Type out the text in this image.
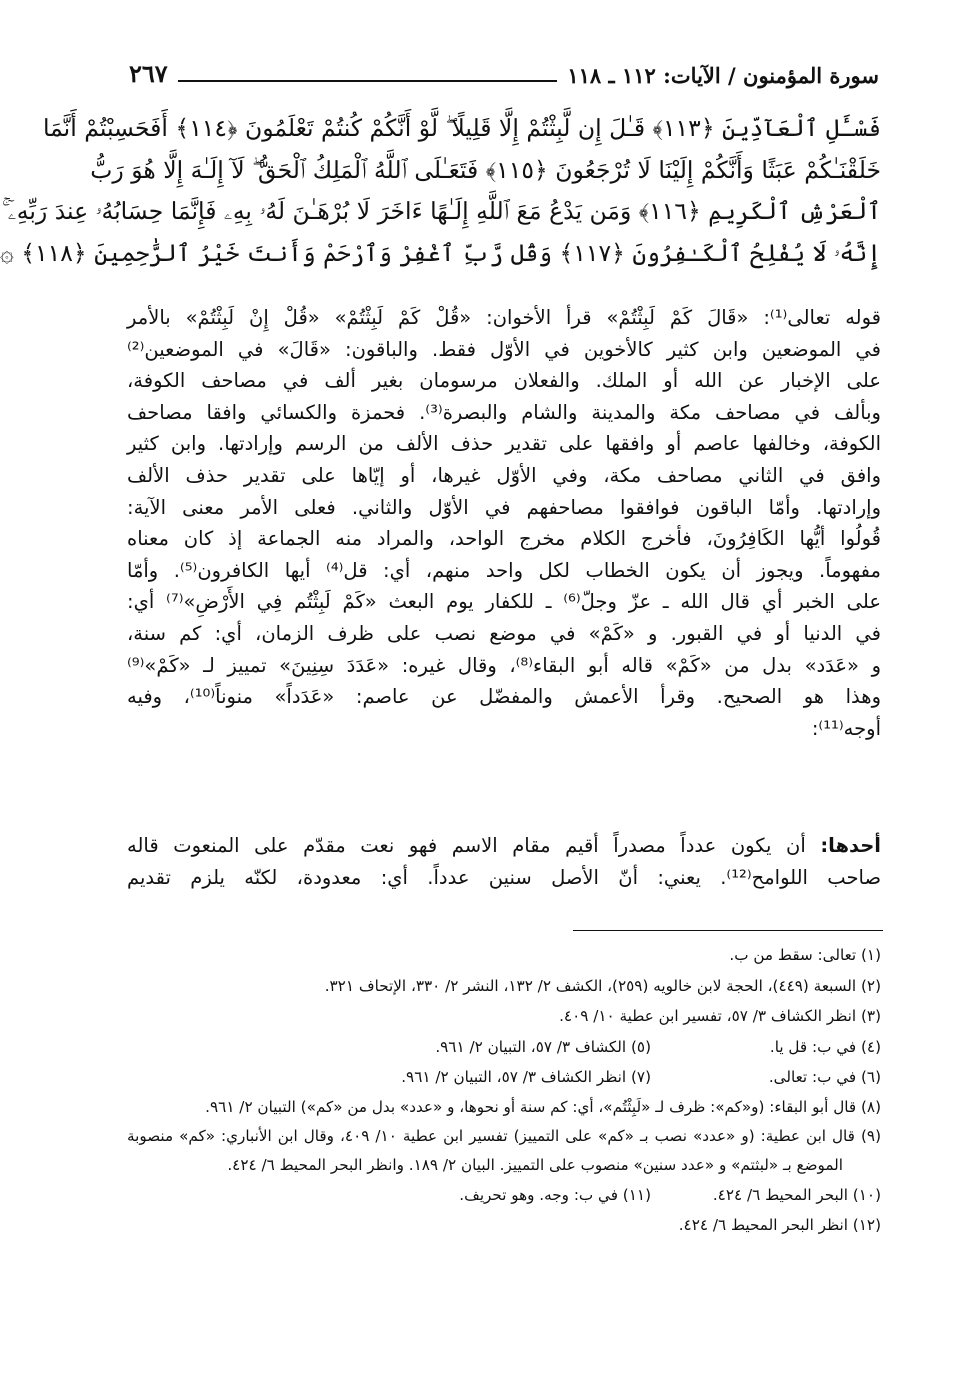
سورة المؤمنون / الآيات: ١١٢ ـ ١١٨
٢٦٧
فَسْـَٔلِ ٱلْعَآدِّينَ ﴿١١٣﴾ قَـٰلَ إِن لَّبِثْتُمْ إِلَّا قَلِيلًا ۖ لَّوْ أَنَّكُمْ كُنتُمْ تَعْلَمُونَ ﴿١١٤﴾ أَفَحَسِبْتُمْ أَنَّمَا
خَلَقْنَـٰكُمْ عَبَثًا وَأَنَّكُمْ إِلَيْنَا لَا تُرْجَعُونَ ﴿١١٥﴾ فَتَعَـٰلَى ٱللَّهُ ٱلْمَلِكُ ٱلْحَقُّ ۖ لَآ إِلَـٰهَ إِلَّا هُوَ رَبُّ
ٱلْعَرْشِ ٱلْكَرِيمِ ﴿١١٦﴾ وَمَن يَدْعُ مَعَ ٱللَّهِ إِلَـٰهًا ءَاخَرَ لَا بُرْهَـٰنَ لَهُۥ بِهِۦ فَإِنَّمَا حِسَابُهُۥ عِندَ رَبِّهِۦٓ ۚ
إِنَّهُۥ لَا يُفْلِحُ ٱلْكَـٰفِرُونَ ﴿١١٧﴾ وَقُل رَّبِّ ٱغْفِرْ وَٱرْحَمْ وَأَنتَ خَيْرُ ٱلرَّٰحِمِينَ ﴿١١٨﴾ ۞
قوله تعالى⁽¹⁾: «قَالَ كَمْ لَبِثْتُمْ» قرأ الأخوان: «قُلْ كَمْ لَبِثْتُمْ» «قُلْ إِنْ لَبِثْتُمْ» بالأمر
في الموضعين وابن كثير كالأخوين في الأوّل فقط. والباقون: «قَالَ» في الموضعين⁽²⁾
على الإخبار عن الله أو الملك. والفعلان مرسومان بغير ألف في مصاحف الكوفة،
وبألف في مصاحف مكة والمدينة والشام والبصرة⁽³⁾. فحمزة والكسائي وافقا مصاحف
الكوفة، وخالفها عاصم أو وافقها على تقدير حذف الألف من الرسم وإرادتها. وابن كثير
وافق في الثاني مصاحف مكة، وفي الأوّل غيرها، أو إيّاها على تقدير حذف الألف
وإرادتها. وأمّا الباقون فوافقوا مصاحفهم في الأوّل والثاني. فعلى الأمر معنى الآية:
قُولُوا أيُّها الكَافِرُونَ، فأخرج الكلام مخرج الواحد، والمراد منه الجماعة إذ كان معناه
مفهوماً. ويجوز أن يكون الخطاب لكل واحد منهم، أي: قل⁽⁴⁾ أيها الكافرون⁽⁵⁾. وأمّا
على الخبر أي قال الله ـ عزّ وجلّ⁽⁶⁾ ـ للكفار يوم البعث «كَمْ لَبِثْتُم فِي الأَرْضِ»⁽⁷⁾ أي:
في الدنيا أو في القبور. و «كَمْ» في موضع نصب على ظرف الزمان، أي: كم سنة،
و «عَدَد» بدل من «كَمْ» قاله أبو البقاء⁽⁸⁾، وقال غيره: «عَدَدَ سِنِينَ» تمييز لـ «كَمْ»⁽⁹⁾
وهذا هو الصحيح. وقرأ الأعمش والمفضّل عن عاصم: «عَدَداً» منوناً⁽¹⁰⁾، وفيه
أوجه⁽¹¹⁾:
أحدها: أن يكون عدداً مصدراً أقيم مقام الاسم فهو نعت مقدّم على المنعوت قاله
صاحب اللوامح⁽¹²⁾. يعني: أنّ الأصل سنين عدداً. أي: معدودة، لكنّه يلزم تقديم
(١) تعالى: سقط من ب.
(٢) السبعة (٤٤٩)، الحجة لابن خالويه (٢٥٩)، الكشف ٢/ ١٣٢، النشر ٢/ ٣٣٠، الإتحاف ٣٢١.
(٣) انظر الكشاف ٣/ ٥٧، تفسير ابن عطية ١٠/ ٤٠٩.
(٤) في ب: قل يا.
(٥) الكشاف ٣/ ٥٧، التبيان ٢/ ٩٦١.
(٦) في ب: تعالى.
(٧) انظر الكشاف ٣/ ٥٧، التبيان ٢/ ٩٦١.
(٨) قال أبو البقاء: (و«كم»: ظرف لـ «لَبِثْتُم»، أي: كم سنة أو نحوها، و «عدد» بدل من «كم») التبيان ٢/ ٩٦١.
(٩) قال ابن عطية: (و «عدد» نصب بـ «كم» على التمييز) تفسير ابن عطية ١٠/ ٤٠٩، وقال ابن الأنباري: «كم» منصوبة الموضع بـ «لبثتم» و «عدد سنين» منصوب على التمييز. البيان ٢/ ١٨٩. وانظر البحر المحيط ٦/ ٤٢٤.
(١٠) البحر المحيط ٦/ ٤٢٤.
(١١) في ب: وجه. وهو تحريف.
(١٢) انظر البحر المحيط ٦/ ٤٢٤.
